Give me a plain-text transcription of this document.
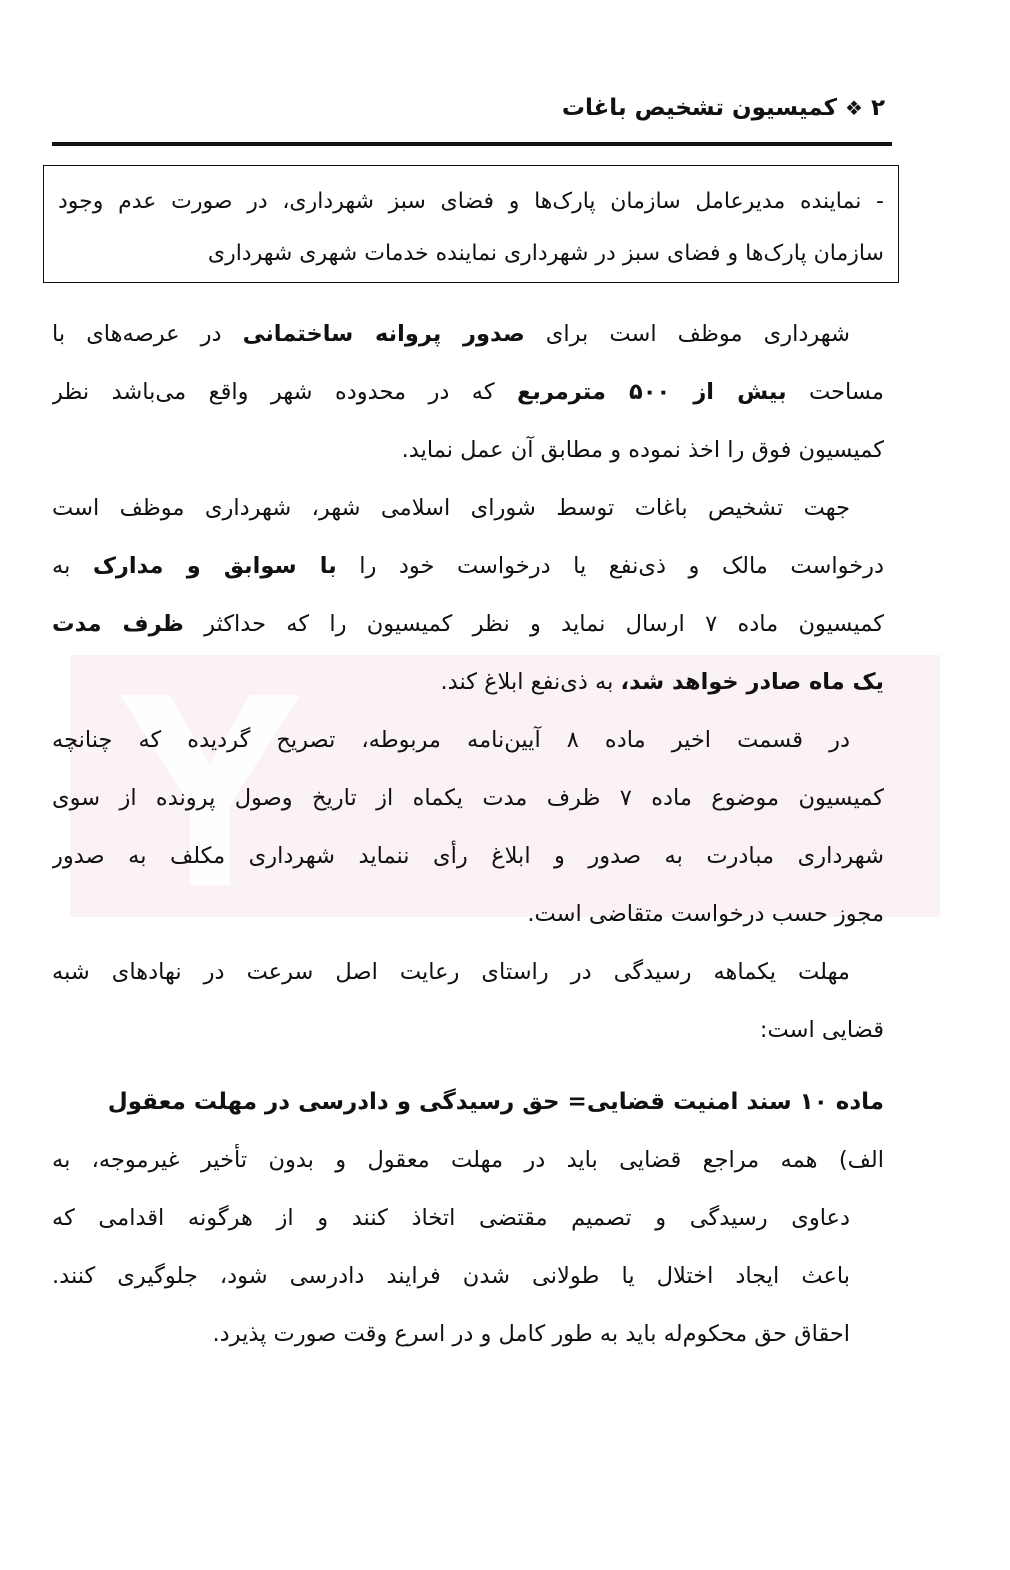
۲
❖
کمیسیون تشخیص باغات

- نماینده مدیرعامل سازمان پارک‌ها و فضای سبز شهرداری، در صورت عدم وجود

سازمان پارک‌ها و فضای سبز در شهرداری نماینده خدمات شهری شهرداری

شهرداری موظف است برای صدور پروانه ساختمانی در عرصه‌های با
مساحت بیش از ۵۰۰ مترمربع که در محدوده شهر واقع می‌باشد نظر
کمیسیون فوق را اخذ نموده و مطابق آن عمل نماید.
جهت تشخیص باغات توسط شورای اسلامی شهر، شهرداری موظف است
درخواست مالک و ذی‌نفع یا درخواست خود را با سوابق و مدارک به
کمیسیون ماده ۷ ارسال نماید و نظر کمیسیون را که حداکثر ظرف مدت
یک ماه صادر خواهد شد، به ذی‌نفع ابلاغ کند.
در قسمت اخیر ماده ۸ آیین‌نامه مربوطه، تصریح گردیده که چنانچه
کمیسیون موضوع ماده ۷ ظرف مدت یکماه از تاریخ وصول پرونده از سوی
شهرداری مبادرت به صدور و ابلاغ رأی ننماید شهرداری مکلف به صدور
مجوز حسب درخواست متقاضی است.
مهلت یکماهه رسیدگی در راستای رعایت اصل سرعت در نهادهای شبه
قضایی است:
ماده ۱۰ سند امنیت قضایی= حق رسیدگی و دادرسی در مهلت معقول
الف) همه مراجع قضایی باید در مهلت معقول و بدون تأخیر غیرموجه، به
دعاوی رسیدگی و تصمیم مقتضی اتخاذ کنند و از هرگونه اقدامی که
باعث ایجاد اختلال یا طولانی شدن فرایند دادرسی شود، جلوگیری کنند.
احقاق حق محکوم‌له باید به طور کامل و در اسرع وقت صورت پذیرد.
